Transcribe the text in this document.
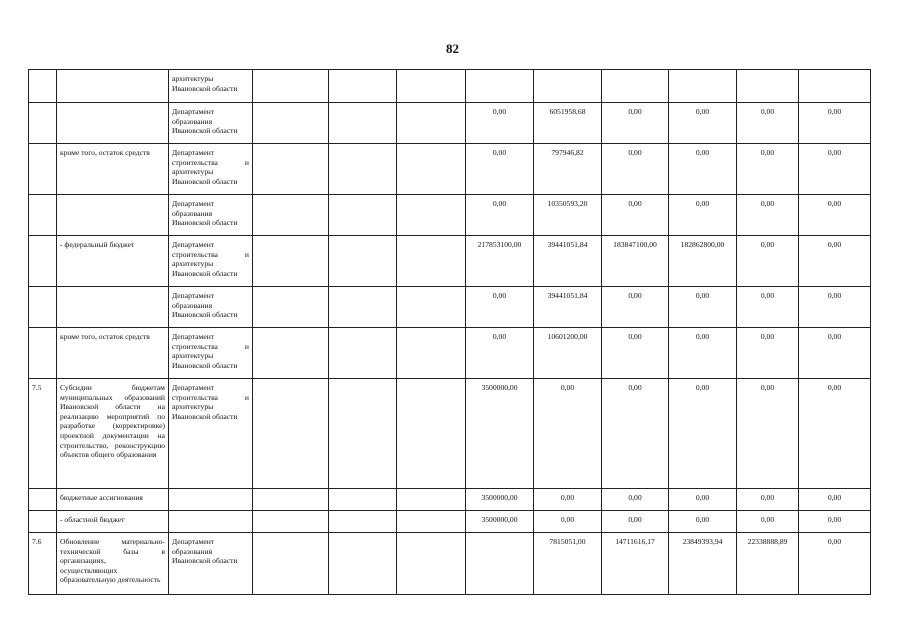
82
		архитектуры Ивановской области									
		Департамент образования Ивановской области				0,00	6051958,68	0,00	0,00	0,00	0,00
	кроме того, остаток средств	Департамент строительства и архитектуры Ивановской области				0,00	797946,82	0,00	0,00	0,00	0,00
		Департамент образования Ивановской области				0,00	10350593,20	0,00	0,00	0,00	0,00
	- федеральный бюджет	Департамент строительства и архитектуры Ивановской области				217853100,00	39441051,84	183847100,00	182862800,00	0,00	0,00
		Департамент образования Ивановской области				0,00	39441051,84	0,00	0,00	0,00	0,00
	кроме того, остаток средств	Департамент строительства и архитектуры Ивановской области				0,00	10601200,00	0,00	0,00	0,00	0,00
7.5	Субсидии бюджетам муниципальных образований Ивановской области на реализацию мероприятий по разработке (корректировке) проектной документации на строительство, реконструкцию объектов общего образования	Департамент строительства и архитектуры Ивановской области				3500000,00	0,00	0,00	0,00	0,00	0,00
	бюджетные ассигнования					3500000,00	0,00	0,00	0,00	0,00	0,00
	- областной бюджет					3500000,00	0,00	0,00	0,00	0,00	0,00
7.6	Обновление материально-технической базы в организациях, осуществляющих образовательную деятельность	Департамент образования Ивановской области					7815051,00	14711616,17	23849393,94	22338888,89	0,00
